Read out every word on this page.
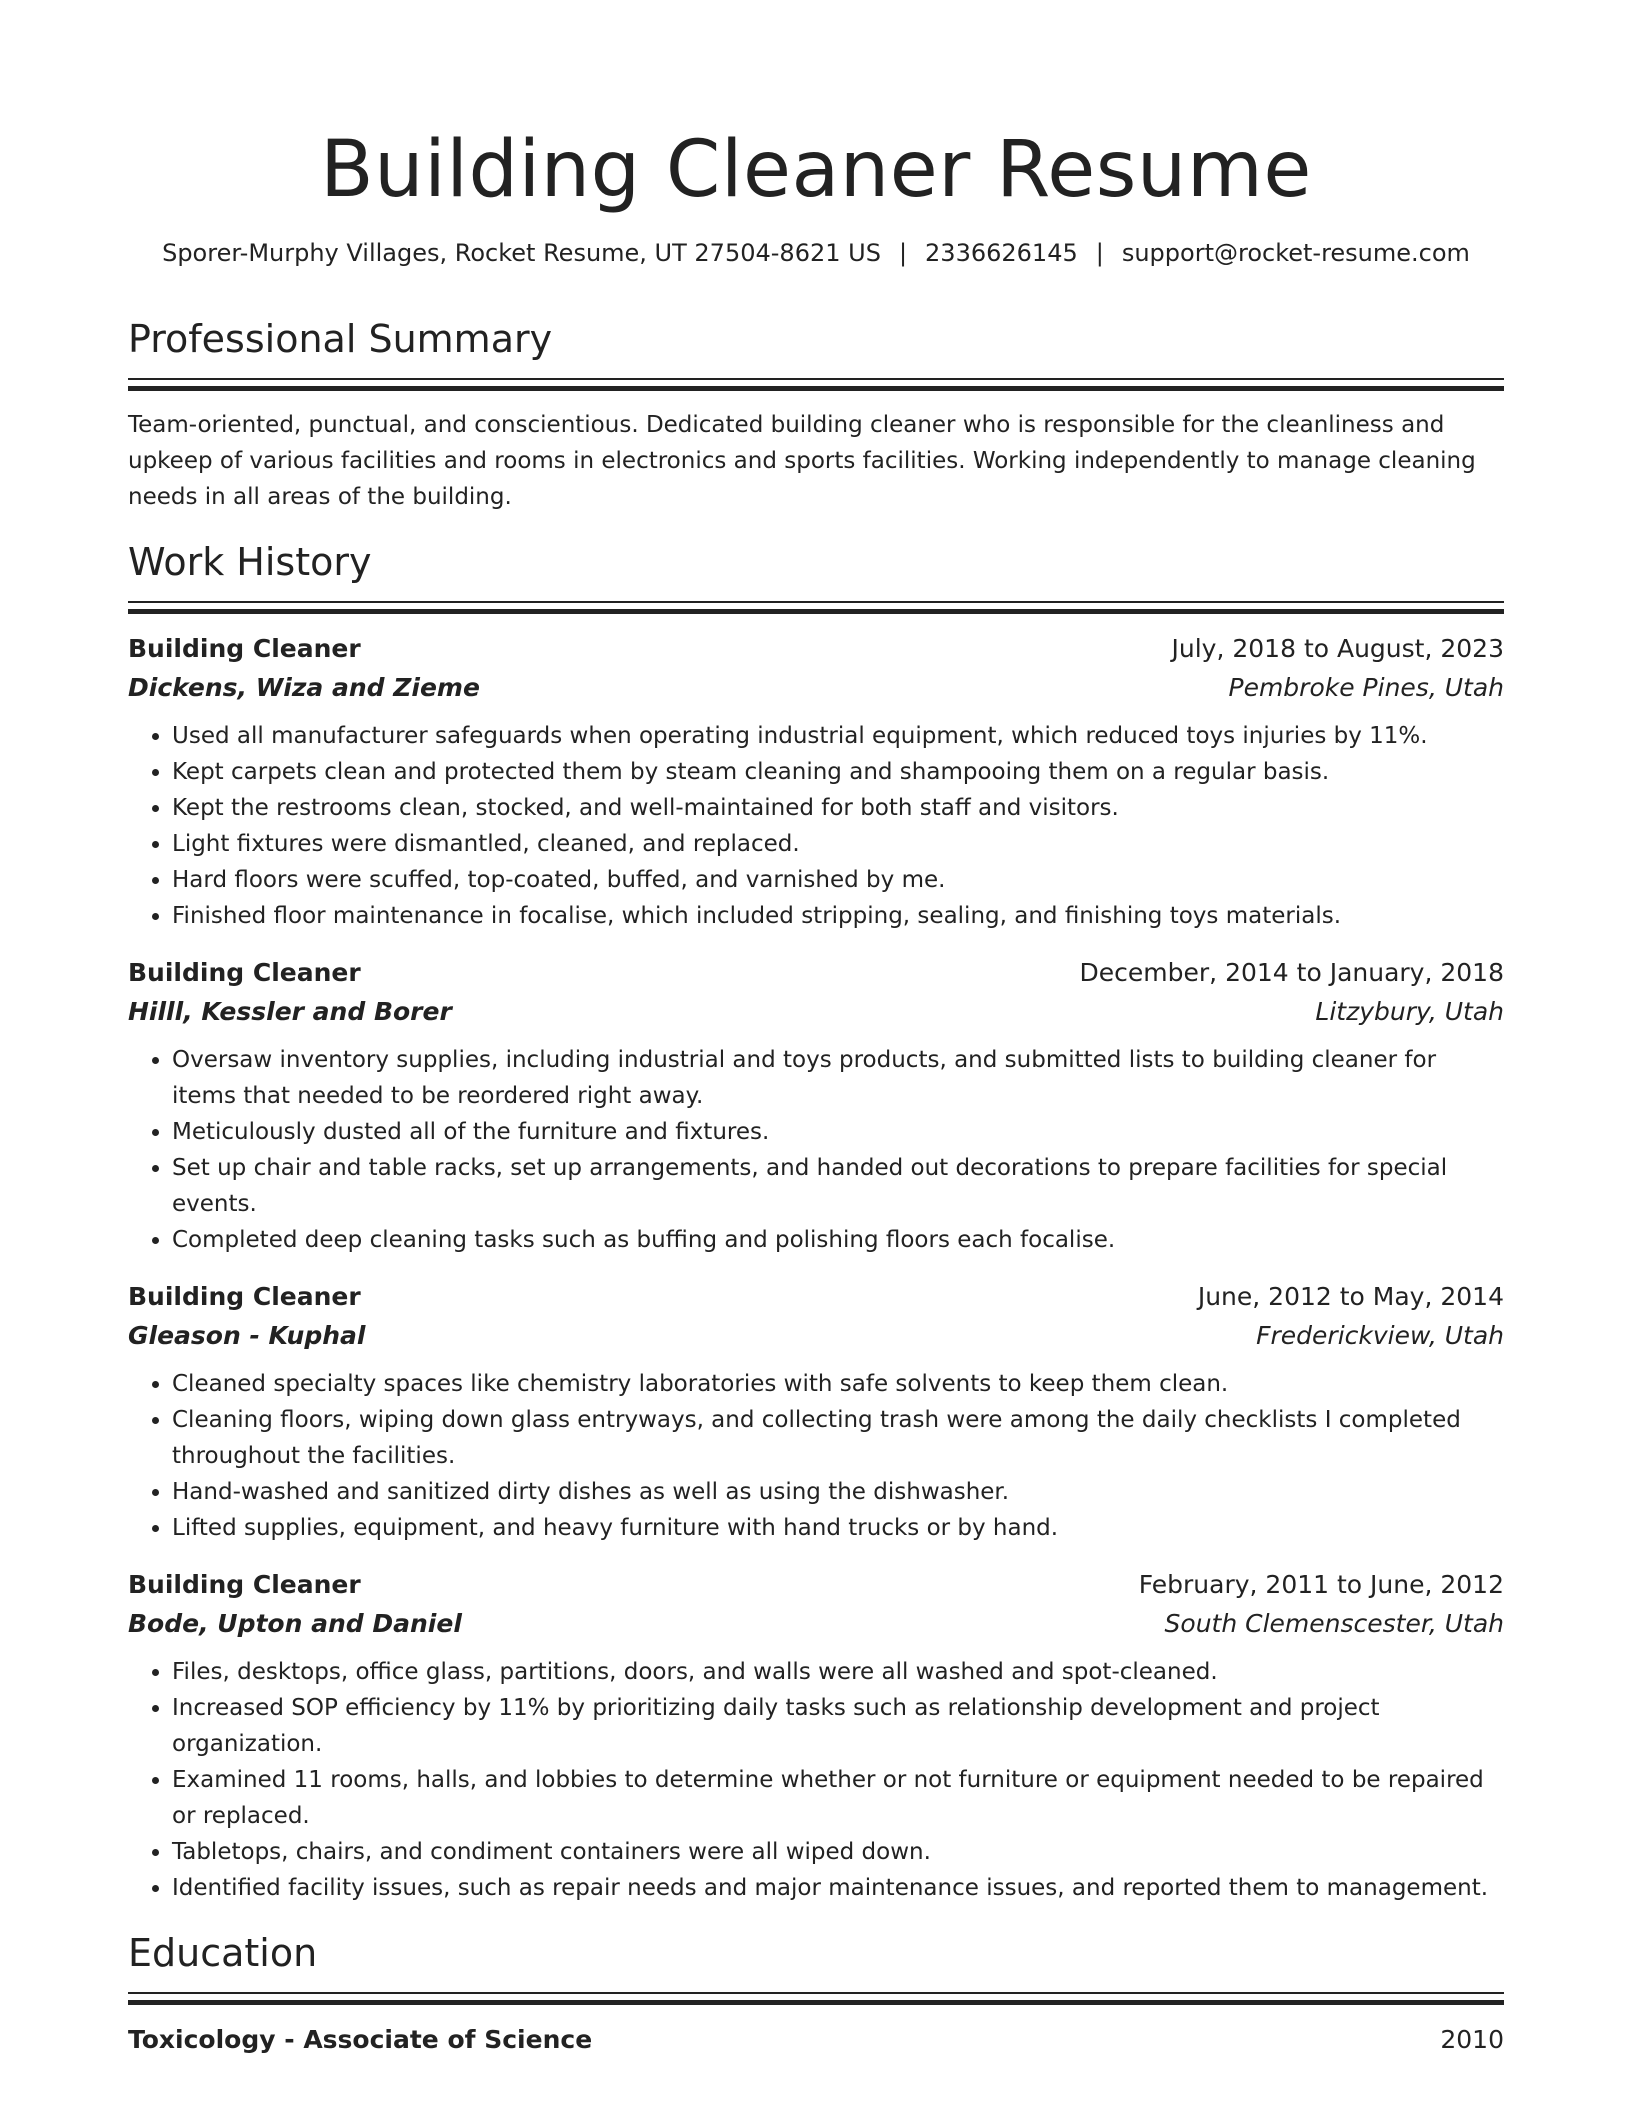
Building Cleaner Resume
Sporer-Murphy Villages, Rocket Resume, UT 27504-8621 US | 2336626145 | support@rocket-resume.com
Professional Summary
Team-oriented, punctual, and conscientious. Dedicated building cleaner who is responsible for the cleanliness and upkeep of various facilities and rooms in electronics and sports facilities. Working independently to manage cleaning needs in all areas of the building.
Work History
Building Cleaner	July, 2018 to August, 2023
Dickens, Wiza and Zieme	Pembroke Pines, Utah
• Used all manufacturer safeguards when operating industrial equipment, which reduced toys injuries by 11%.
• Kept carpets clean and protected them by steam cleaning and shampooing them on a regular basis.
• Kept the restrooms clean, stocked, and well-maintained for both staff and visitors.
• Light fixtures were dismantled, cleaned, and replaced.
• Hard floors were scuffed, top-coated, buffed, and varnished by me.
• Finished floor maintenance in focalise, which included stripping, sealing, and finishing toys materials.
Building Cleaner	December, 2014 to January, 2018
Hilll, Kessler and Borer	Litzybury, Utah
• Oversaw inventory supplies, including industrial and toys products, and submitted lists to building cleaner for items that needed to be reordered right away.
• Meticulously dusted all of the furniture and fixtures.
• Set up chair and table racks, set up arrangements, and handed out decorations to prepare facilities for special events.
• Completed deep cleaning tasks such as buffing and polishing floors each focalise.
Building Cleaner	June, 2012 to May, 2014
Gleason - Kuphal	Frederickview, Utah
• Cleaned specialty spaces like chemistry laboratories with safe solvents to keep them clean.
• Cleaning floors, wiping down glass entryways, and collecting trash were among the daily checklists I completed throughout the facilities.
• Hand-washed and sanitized dirty dishes as well as using the dishwasher.
• Lifted supplies, equipment, and heavy furniture with hand trucks or by hand.
Building Cleaner	February, 2011 to June, 2012
Bode, Upton and Daniel	South Clemenscester, Utah
• Files, desktops, office glass, partitions, doors, and walls were all washed and spot-cleaned.
• Increased SOP efficiency by 11% by prioritizing daily tasks such as relationship development and project organization.
• Examined 11 rooms, halls, and lobbies to determine whether or not furniture or equipment needed to be repaired or replaced.
• Tabletops, chairs, and condiment containers were all wiped down.
• Identified facility issues, such as repair needs and major maintenance issues, and reported them to management.
Education
Toxicology - Associate of Science	2010
